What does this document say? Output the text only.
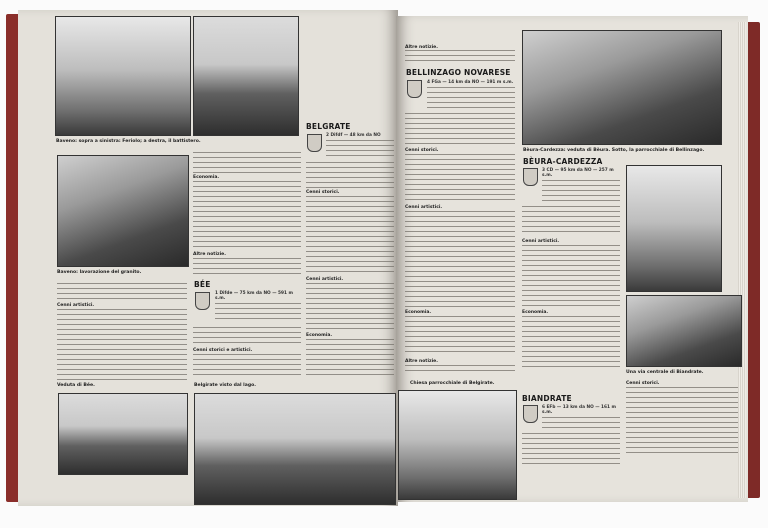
Baveno: sopra a sinistra: Feriolo; a destra, il battistero.
Baveno: lavorazione del granito.
Cenni artistici.
Economia.
Altre notizie.
BÉE
1 Difde — 75 km da NO — 591 m s.m.
Cenni storici e artistici.
BELGRATE
2 Difdf — 48 km da NO
Cenni storici.
Cenni artistici.
Economia.
Veduta di Bée.	Belgirate visto dal lago.
Altre notizie.
BELLINZAGO NOVARESE
4 FGa — 14 km da NO — 191 m s.m.
Cenni storici.
Cenni artistici.
Economia.
Altre notizie.
Chiesa parrocchiale di Belgirate.
Bèura-Cardezza: veduta di Bèura. Sotto, la parrocchiale di Bellinzago.
BÈURA-CARDEZZA
3 CD — 95 km da NO — 257 m s.m.
Cenni artistici.
Economia.
Una via centrale di Biandrate.
Cenni storici.
BIANDRATE
6 EFb — 13 km da NO — 161 m s.m.
